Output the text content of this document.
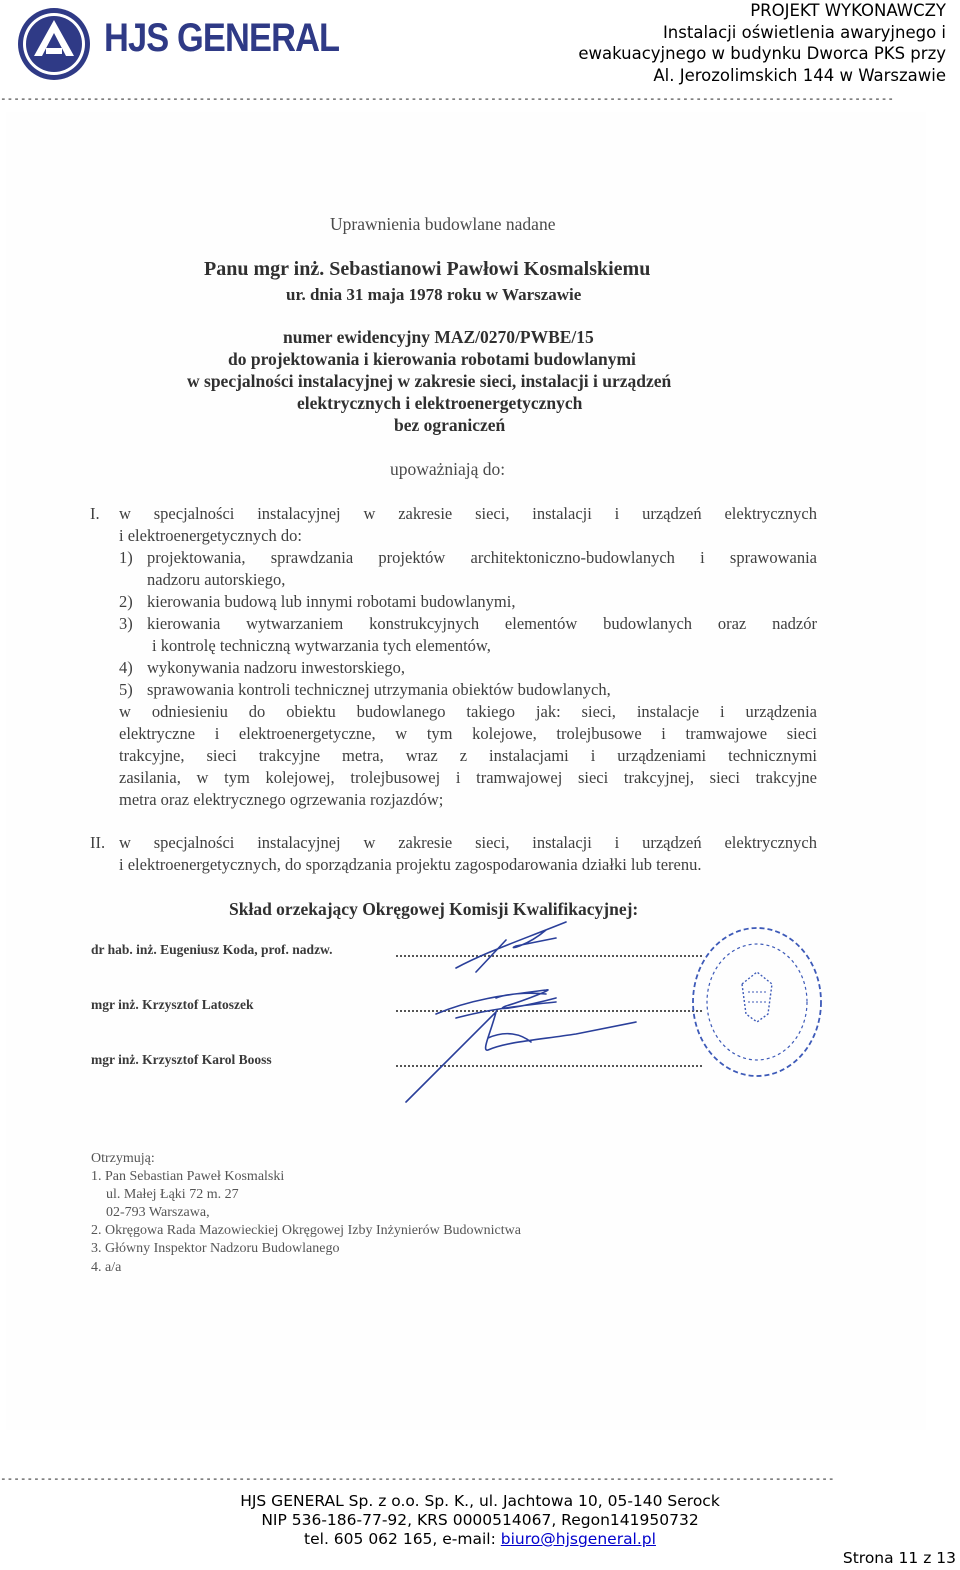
HJS GENERAL
PROJEKT WYKONAWCZY
Instalacji oświetlenia awaryjnego i
ewakuacyjnego w budynku Dworca PKS przy
Al. Jerozolimskich 144 w Warszawie
---------------------------------------------------------------------------------------------------------------------------------------
Uprawnienia budowlane nadane
Panu mgr inż. Sebastianowi Pawłowi Kosmalskiemu
ur. dnia 31 maja 1978 roku w Warszawie
numer ewidencyjny MAZ/0270/PWBE/15
do projektowania i kierowania robotami budowlanymi
w specjalności instalacyjnej w zakresie sieci, instalacji i urządzeń
elektrycznych i elektroenergetycznych
bez ograniczeń
upoważniają do:
I. w specjalności instalacyjnej w zakresie sieci, instalacji i urządzeń elektrycznych
i elektroenergetycznych do:
1) projektowania, sprawdzania projektów architektoniczno-budowlanych i sprawowania
nadzoru autorskiego,
2) kierowania budową lub innymi robotami budowlanymi,
3) kierowania wytwarzaniem konstrukcyjnych elementów budowlanych oraz nadzór
i kontrolę techniczną wytwarzania tych elementów,
4) wykonywania nadzoru inwestorskiego,
5) sprawowania kontroli technicznej utrzymania obiektów budowlanych,
w odniesieniu do obiektu budowlanego takiego jak: sieci, instalacje i urządzenia
elektryczne i elektroenergetyczne, w tym kolejowe, trolejbusowe i tramwajowe sieci
trakcyjne, sieci trakcyjne metra, wraz z instalacjami i urządzeniami technicznymi
zasilania, w tym kolejowej, trolejbusowej i tramwajowej sieci trakcyjnej, sieci trakcyjne
metra oraz elektrycznego ogrzewania rozjazdów;
II. w specjalności instalacyjnej w zakresie sieci, instalacji i urządzeń elektrycznych
i elektroenergetycznych, do sporządzania projektu zagospodarowania działki lub terenu.
Skład orzekający Okręgowej Komisji Kwalifikacyjnej:
dr hab. inż. Eugeniusz Koda, prof. nadzw.
mgr inż. Krzysztof Latoszek
mgr inż. Krzysztof Karol Booss
Otrzymują:
1. Pan Sebastian Paweł Kosmalski
ul. Małej Łąki 72 m. 27
02-793 Warszawa,
2. Okręgowa Rada Mazowieckiej Okręgowej Izby Inżynierów Budownictwa
3. Główny Inspektor Nadzoru Budowlanego
4. a/a
------------------------------------------------------------------------------------------------------------------------------
HJS GENERAL Sp. z o.o. Sp. K., ul. Jachtowa 10, 05-140 Serock
NIP 536-186-77-92, KRS 0000514067, Regon141950732
tel. 605 062 165, e-mail: biuro@hjsgeneral.pl
Strona 11 z 13
